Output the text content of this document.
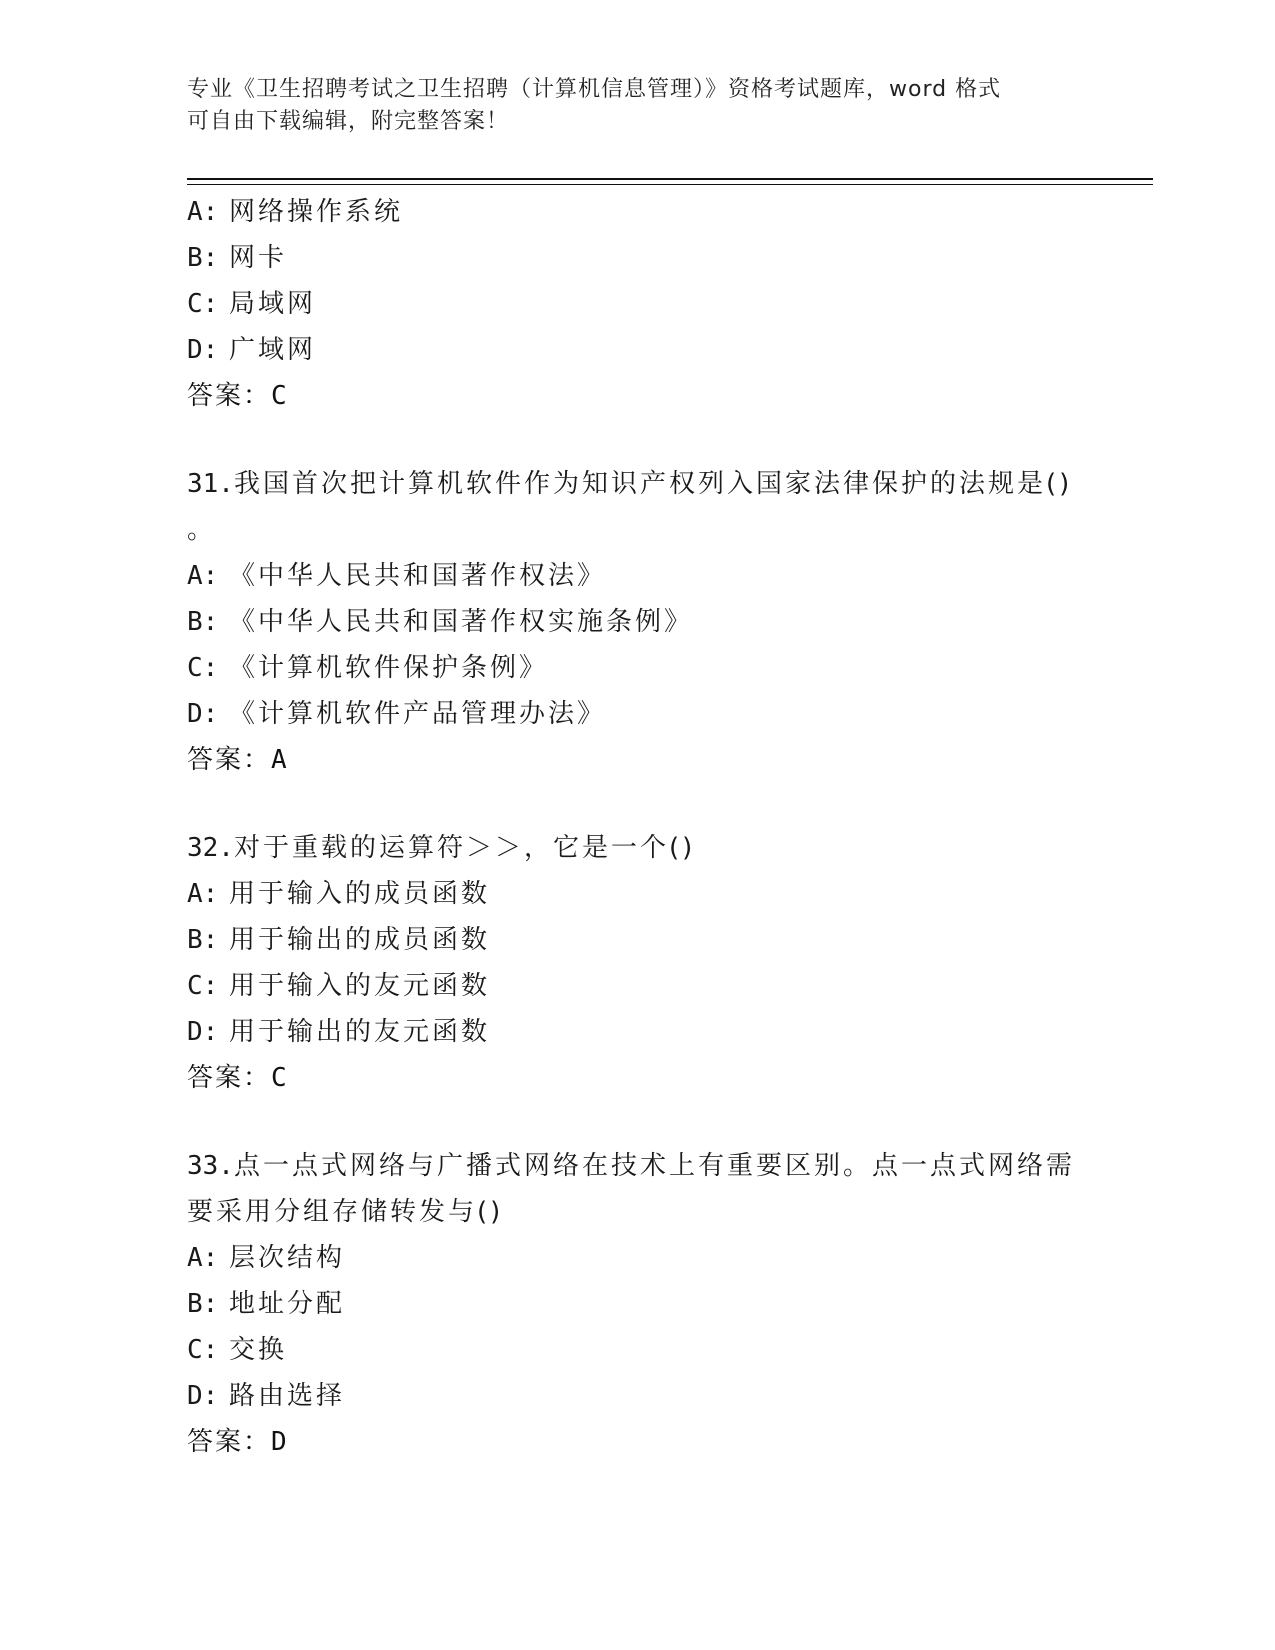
专业《卫生招聘考试之卫生招聘（计算机信息管理）》资格考试题库，word 格式
可自由下载编辑，附完整答案！
A: 网络操作系统
B: 网卡
C: 局域网
D: 广域网
答案：C
31.我国首次把计算机软件作为知识产权列入国家法律保护的法规是()
。
A: 《中华人民共和国著作权法》
B: 《中华人民共和国著作权实施条例》
C: 《计算机软件保护条例》
D: 《计算机软件产品管理办法》
答案：A
32.对于重载的运算符＞＞，它是一个()
A: 用于输入的成员函数
B: 用于输出的成员函数
C: 用于输入的友元函数
D: 用于输出的友元函数
答案：C
33.点一点式网络与广播式网络在技术上有重要区别。点一点式网络需
要采用分组存储转发与()
A: 层次结构
B: 地址分配
C: 交换
D: 路由选择
答案：D
